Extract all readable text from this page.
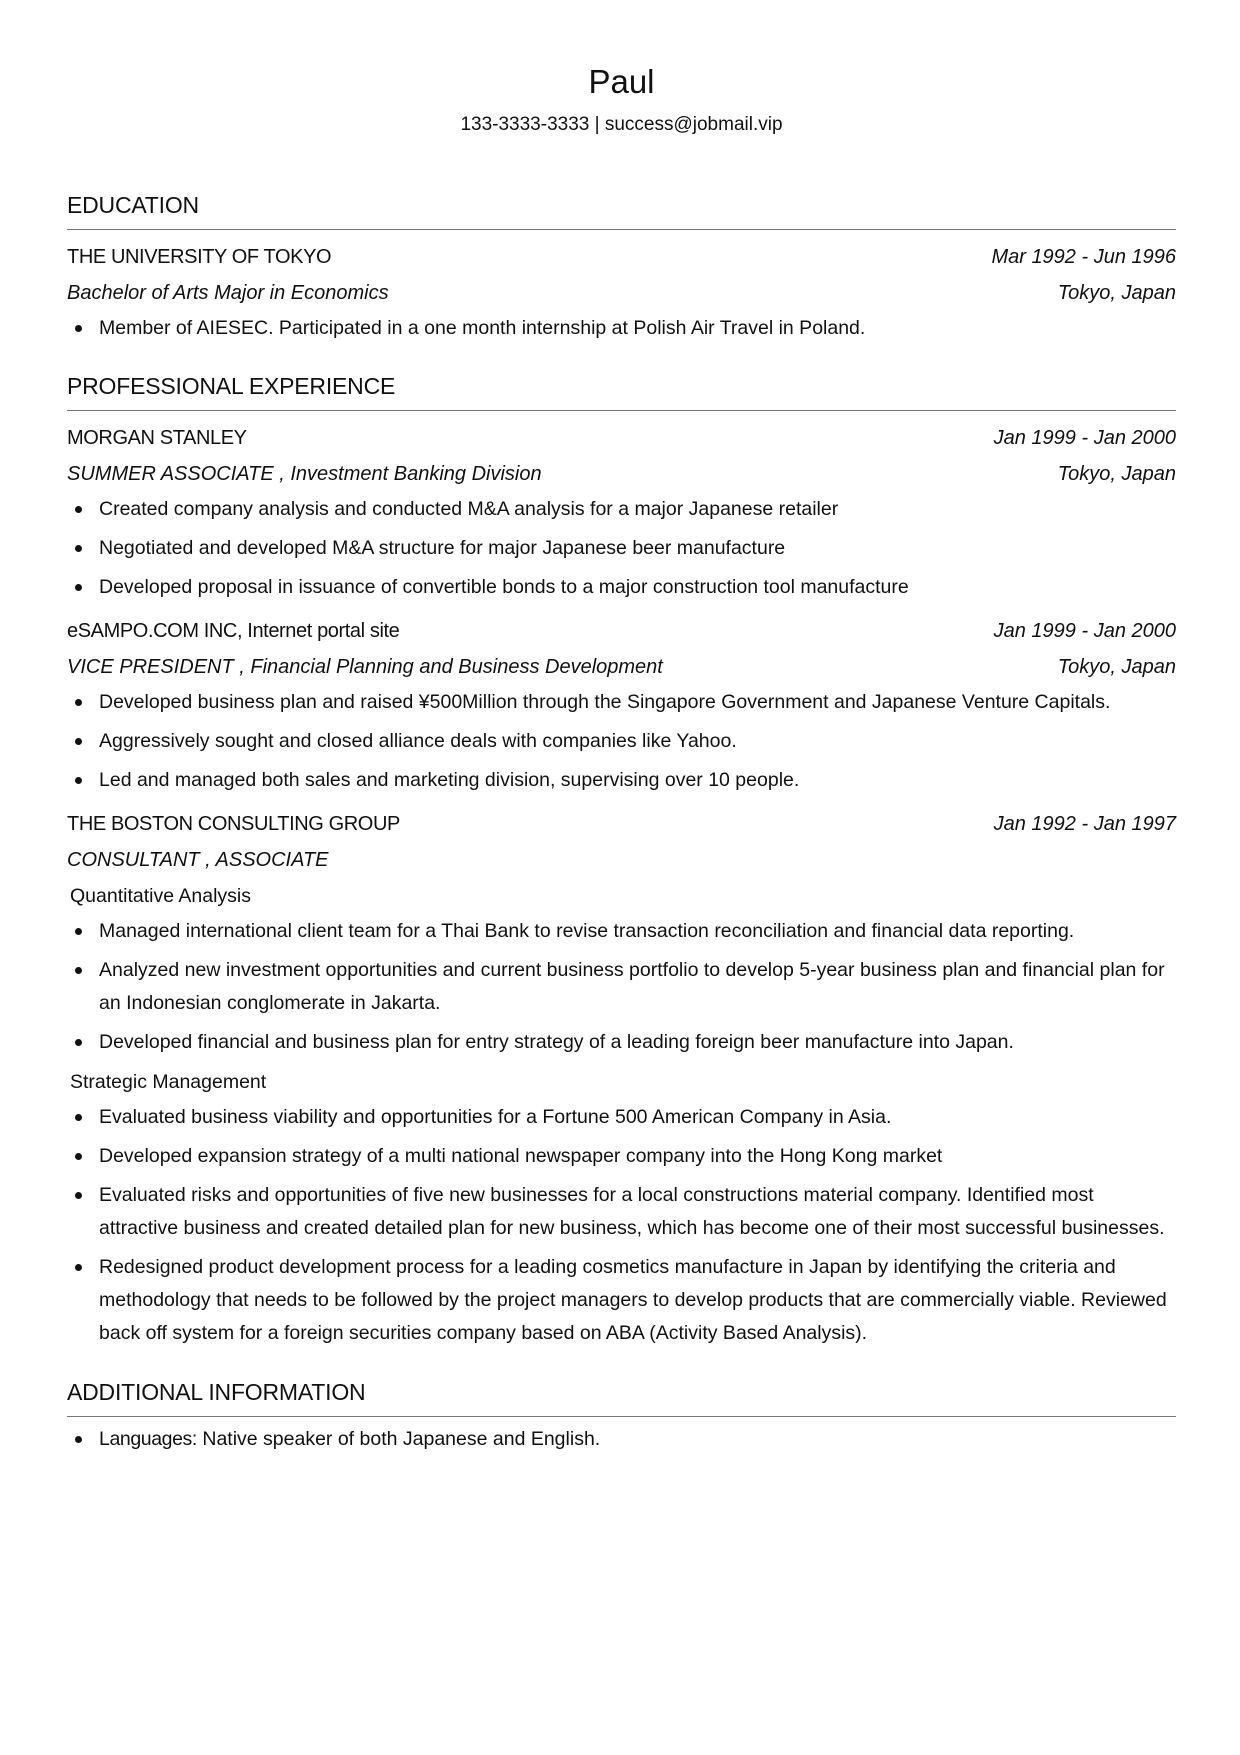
Paul
133-3333-3333 | success@jobmail.vip
EDUCATION
THE UNIVERSITY OF TOKYO	Mar 1992 - Jun 1996
Bachelor of Arts Major in Economics	Tokyo, Japan
Member of AIESEC. Participated in a one month internship at Polish Air Travel in Poland.
PROFESSIONAL EXPERIENCE
MORGAN STANLEY	Jan 1999 - Jan 2000
SUMMER ASSOCIATE , Investment Banking Division	Tokyo, Japan
Created company analysis and conducted M&A analysis for a major Japanese retailer
Negotiated and developed M&A structure for major Japanese beer manufacture
Developed proposal in issuance of convertible bonds to a major construction tool manufacture
eSAMPO.COM INC, Internet portal site	Jan 1999 - Jan 2000
VICE PRESIDENT , Financial Planning and Business Development	Tokyo, Japan
Developed business plan and raised ¥500Million through the Singapore Government and Japanese Venture Capitals.
Aggressively sought and closed alliance deals with companies like Yahoo.
Led and managed both sales and marketing division, supervising over 10 people.
THE BOSTON CONSULTING GROUP	Jan 1992 - Jan 1997
CONSULTANT , ASSOCIATE
Quantitative Analysis
Managed international client team for a Thai Bank to revise transaction reconciliation and financial data reporting.
Analyzed new investment opportunities and current business portfolio to develop 5-year business plan and financial plan for an Indonesian conglomerate in Jakarta.
Developed financial and business plan for entry strategy of a leading foreign beer manufacture into Japan.
Strategic Management
Evaluated business viability and opportunities for a Fortune 500 American Company in Asia.
Developed expansion strategy of a multi national newspaper company into the Hong Kong market
Evaluated risks and opportunities of five new businesses for a local constructions material company. Identified most attractive business and created detailed plan for new business, which has become one of their most successful businesses.
Redesigned product development process for a leading cosmetics manufacture in Japan by identifying the criteria and methodology that needs to be followed by the project managers to develop products that are commercially viable. Reviewed back off system for a foreign securities company based on ABA (Activity Based Analysis).
ADDITIONAL INFORMATION
Languages: Native speaker of both Japanese and English.
